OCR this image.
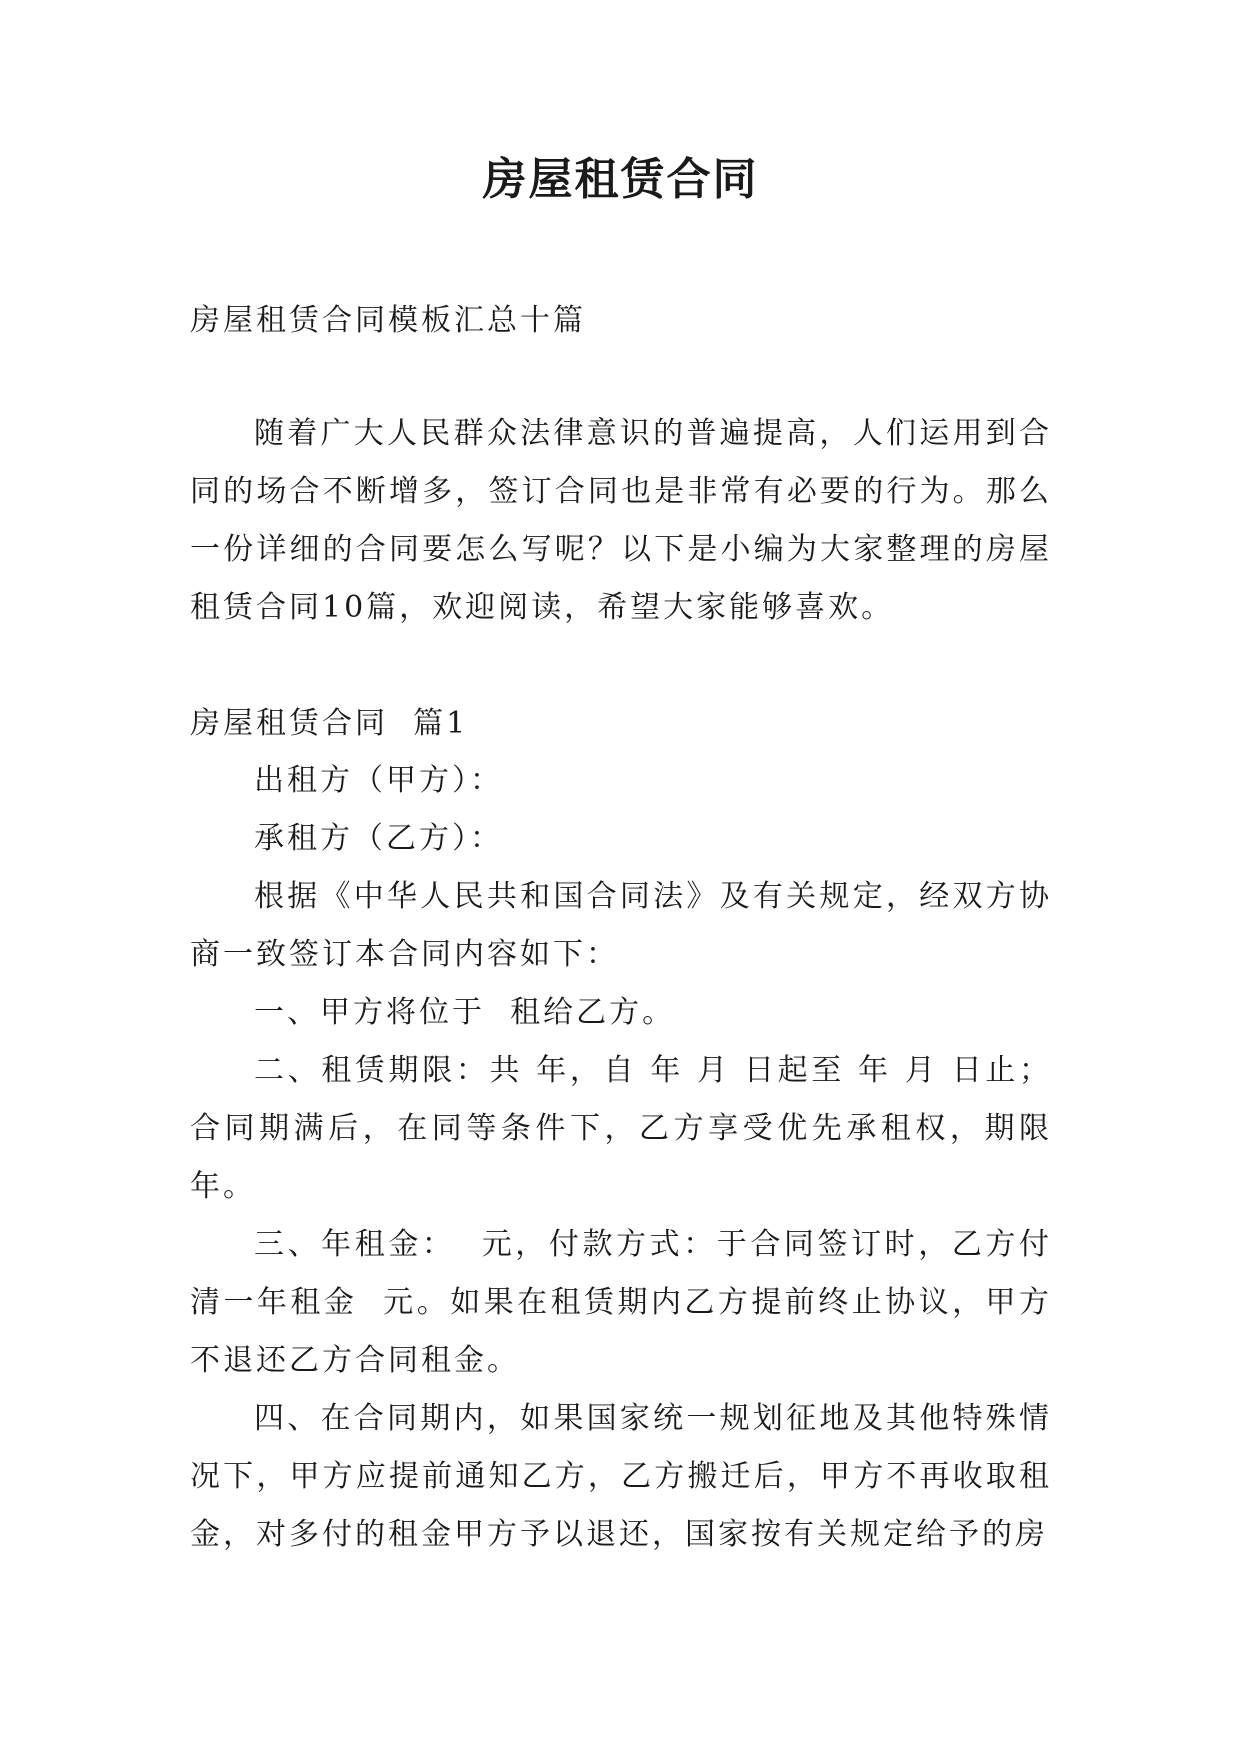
房屋租赁合同

房屋租赁合同模板汇总十篇

随着广大人民群众法律意识的普遍提高，人们运用到合同的场合不断增多，签订合同也是非常有必要的行为。那么一份详细的合同要怎么写呢？以下是小编为大家整理的房屋租赁合同10篇，欢迎阅读，希望大家能够喜欢。

房屋租赁合同  篇1

出租方（甲方）：
承租方（乙方）：
根据《中华人民共和国合同法》及有关规定，经双方协商一致签订本合同内容如下：
一、甲方将位于  租给乙方。
二、租赁期限：共 年，自 年 月 日起至 年 月 日止；合同期满后，在同等条件下，乙方享受优先承租权，期限  年。
三、年租金：  元，付款方式：于合同签订时，乙方付清一年租金  元。如果在租赁期内乙方提前终止协议，甲方不退还乙方合同租金。
四、在合同期内，如果国家统一规划征地及其他特殊情况下，甲方应提前通知乙方，乙方搬迁后，甲方不再收取租金，对多付的租金甲方予以退还，国家按有关规定给予的房
